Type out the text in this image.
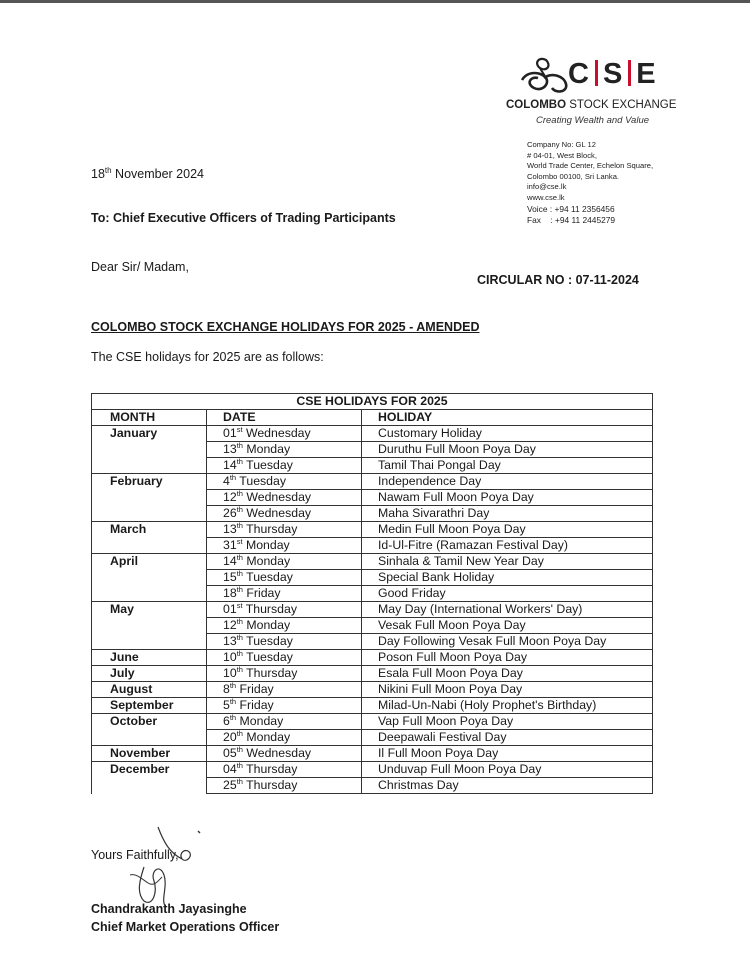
C S E
COLOMBO STOCK EXCHANGE
Creating Wealth and Value
Company No: GL 12
# 04-01, West Block,
World Trade Center, Echelon Square,
Colombo 00100, Sri Lanka.
info@cse.lk
www.cse.lk
Voice : +94 11 2356456
Fax    : +94 11 2445279
18th November 2024
To: Chief Executive Officers of Trading Participants
Dear Sir/ Madam,
CIRCULAR NO : 07-11-2024
COLOMBO STOCK EXCHANGE HOLIDAYS FOR 2025 - AMENDED
The CSE holidays for 2025 are as follows:
CSE HOLIDAYS FOR 2025		
MONTH	DATE	HOLIDAY
January	01st Wednesday	Customary Holiday
	13th Monday	Duruthu Full Moon Poya Day
	14th Tuesday	Tamil Thai Pongal Day
February	4th Tuesday	Independence Day
	12th Wednesday	Nawam Full Moon Poya Day
	26th Wednesday	Maha Sivarathri Day
March	13th Thursday	Medin Full Moon Poya Day
	31st Monday	Id-Ul-Fitre (Ramazan Festival Day)
April	14th Monday	Sinhala & Tamil New Year Day
	15th Tuesday	Special Bank Holiday
	18th Friday	Good Friday
May	01st Thursday	May Day (International Workers' Day)
	12th Monday	Vesak Full Moon Poya Day
	13th Tuesday	Day Following Vesak Full Moon Poya Day
June	10th Tuesday	Poson Full Moon Poya Day
July	10th Thursday	Esala Full Moon Poya Day
August	8th Friday	Nikini Full Moon Poya Day
September	5th Friday	Milad-Un-Nabi (Holy Prophet's Birthday)
October	6th Monday	Vap Full Moon Poya Day
	20th Monday	Deepawali Festival Day
November	05th Wednesday	Il Full Moon Poya Day
December	04th Thursday	Unduvap Full Moon Poya Day
	25th Thursday	Christmas Day
Yours Faithfully,
Chandrakanth Jayasinghe
Chief Market Operations Officer
